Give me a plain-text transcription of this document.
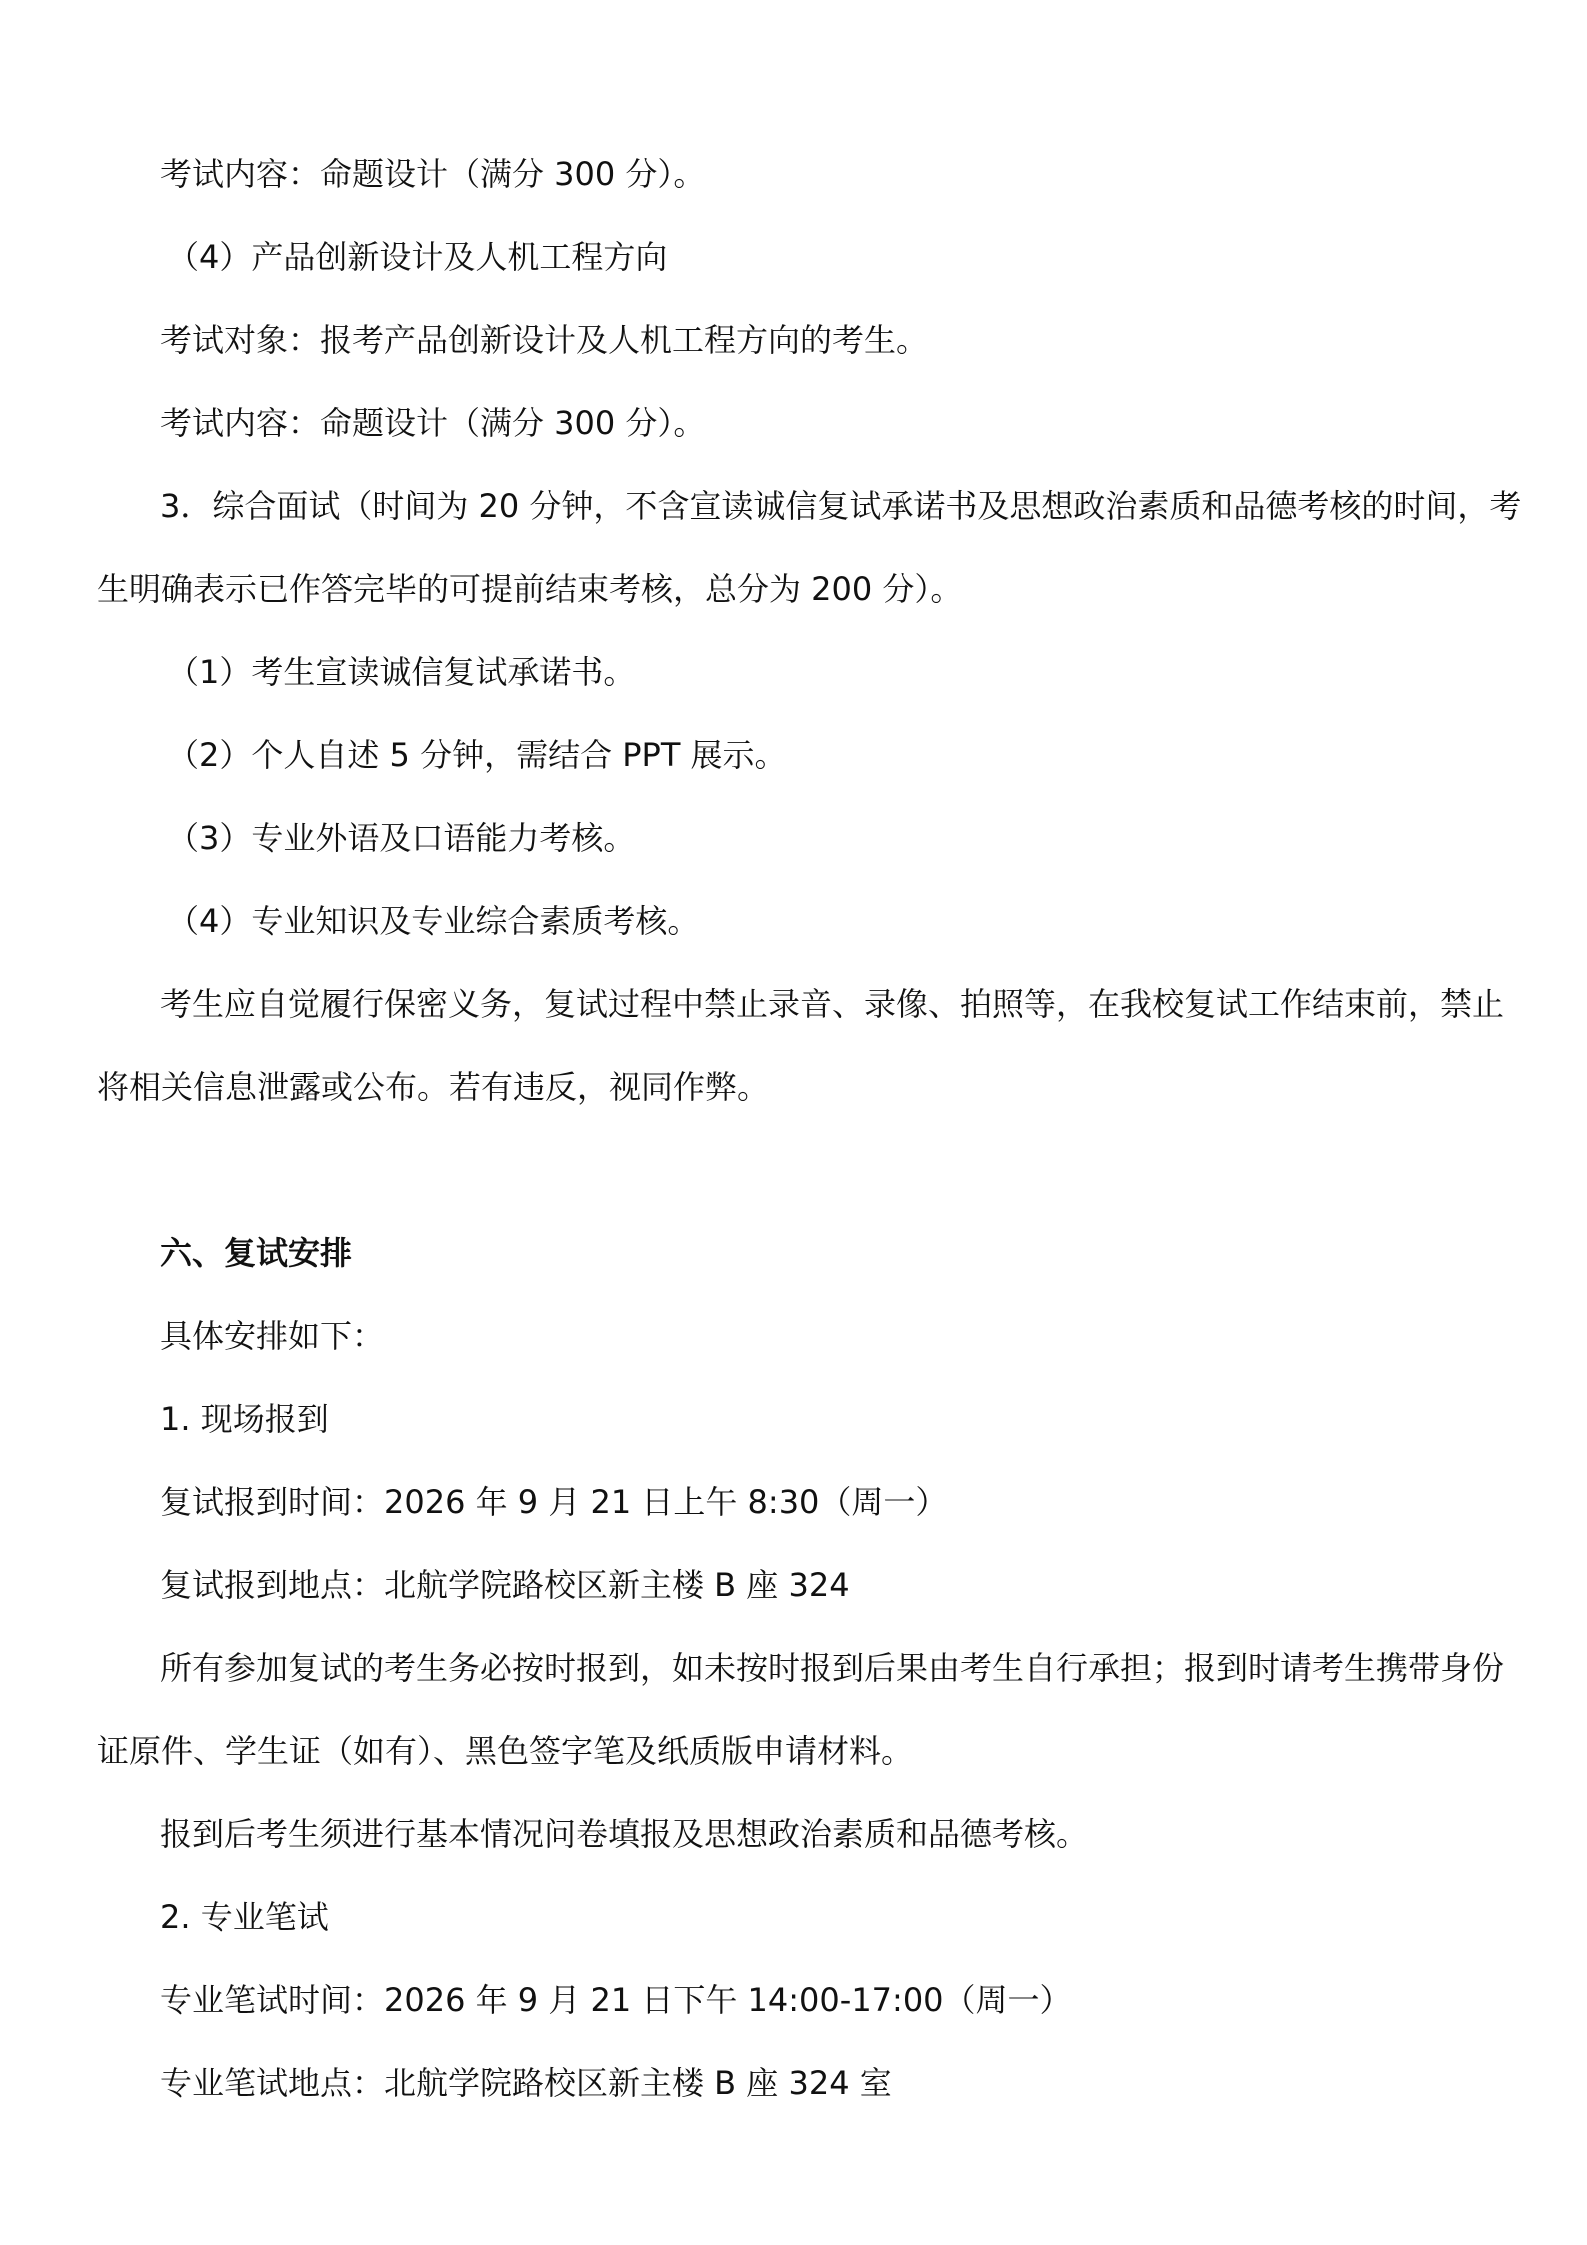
考试内容：命题设计（满分 300 分）。
（4）产品创新设计及人机工程方向
考试对象：报考产品创新设计及人机工程方向的考生。
考试内容：命题设计（满分 300 分）。
3．综合面试（时间为 20 分钟，不含宣读诚信复试承诺书及思想政治素质和品德考核的时间，考
生明确表示已作答完毕的可提前结束考核，总分为 200 分）。
（1）考生宣读诚信复试承诺书。
（2）个人自述 5 分钟，需结合 PPT 展示。
（3）专业外语及口语能力考核。
（4）专业知识及专业综合素质考核。
考生应自觉履行保密义务，复试过程中禁止录音、录像、拍照等，在我校复试工作结束前，禁止
将相关信息泄露或公布。若有违反，视同作弊。
六、复试安排
具体安排如下：
1. 现场报到
复试报到时间：2026 年 9 月 21 日上午 8:30（周一）
复试报到地点：北航学院路校区新主楼 B 座 324
所有参加复试的考生务必按时报到，如未按时报到后果由考生自行承担；报到时请考生携带身份
证原件、学生证（如有）、黑色签字笔及纸质版申请材料。
报到后考生须进行基本情况问卷填报及思想政治素质和品德考核。
2. 专业笔试
专业笔试时间：2026 年 9 月 21 日下午 14:00-17:00（周一）
专业笔试地点：北航学院路校区新主楼 B 座 324 室
